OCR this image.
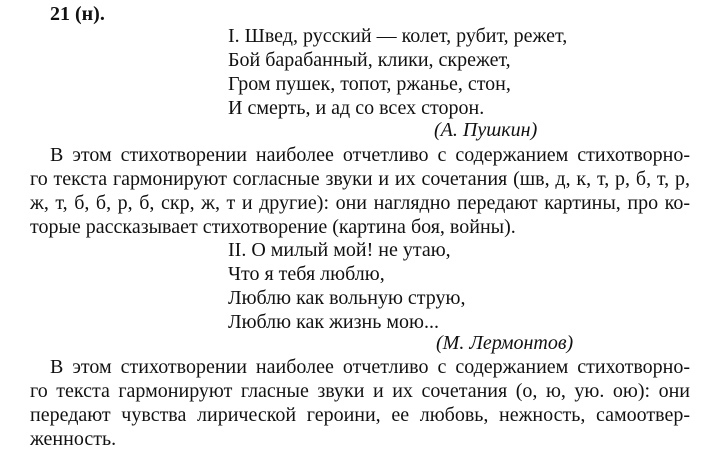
21 (н).
I. Швед, русский — колет, рубит, режет,
Бой барабанный, клики, скрежет,
Гром пушек, топот, ржанье, стон,
И смерть, и ад со всех сторон.
(А. Пушкин)
В этом стихотворении наиболее отчетливо с содержанием стихотворно-
го текста гармонируют согласные звуки и их сочетания (шв, д, к, т, р, б, т, р,
ж, т, б, б, р, б, скр, ж, т и другие): они наглядно передают картины, про ко-
торые рассказывает стихотворение (картина боя, войны).
II. О милый мой! не утаю,
Что я тебя люблю,
Люблю как вольную струю,
Люблю как жизнь мою...
(М. Лермонтов)
В этом стихотворении наиболее отчетливо с содержанием стихотворно-
го текста гармонируют гласные звуки и их сочетания (о, ю, ую. ою): они
передают чувства лирической героини, ее любовь, нежность, самоотвер-
женность.
